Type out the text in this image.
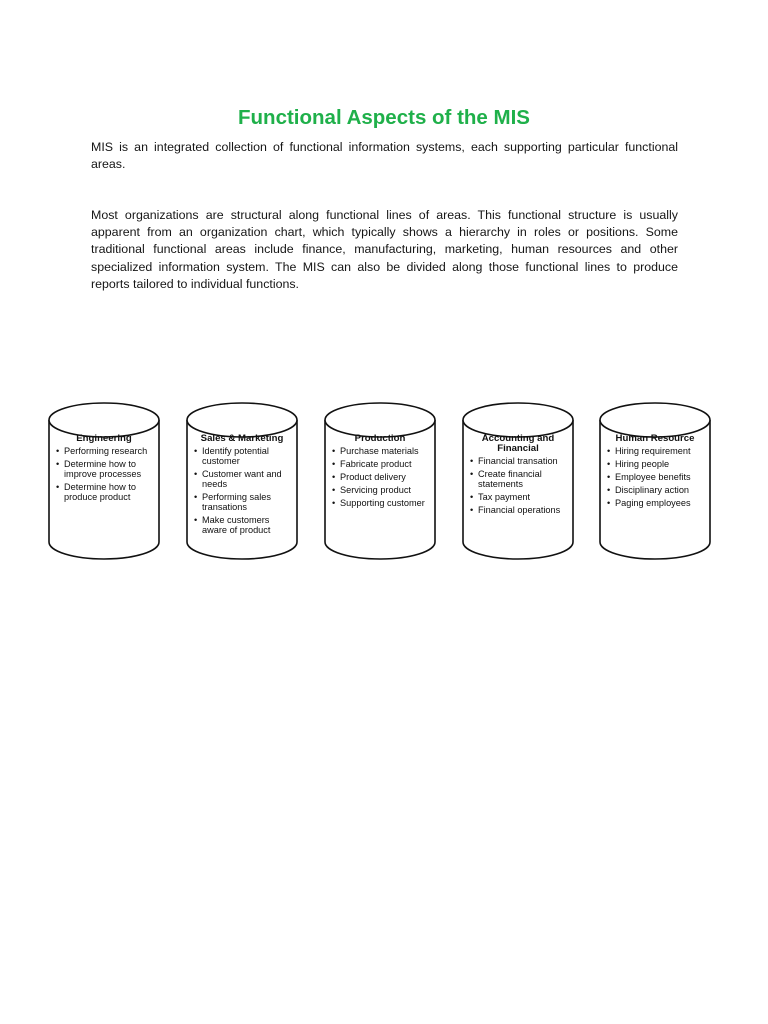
Functional Aspects of the MIS

MIS is an integrated collection of functional information systems, each supporting particular functional areas.

Most organizations are structural along functional lines of areas. This functional structure is usually apparent from an organization chart, which typically shows a hierarchy in roles or positions. Some traditional functional areas include finance, manufacturing, marketing, human resources and other specialized information system. The MIS can also be divided along those functional lines to produce reports tailored to individual functions.

Engineering
• Performing research
• Determine how to improve processes
• Determine how to produce product
Sales & Marketing
• Identify potential customer
• Customer want and needs
• Performing sales transations
• Make customers aware of product
Production
• Purchase materials
• Fabricate product
• Product delivery
• Servicing product
• Supporting customer
Accounting and Financial
• Financial transation
• Create financial statements
• Tax payment
• Financial operations
Human Resource
• Hiring requirement
• Hiring people
• Employee benefits
• Disciplinary action
• Paging employees
